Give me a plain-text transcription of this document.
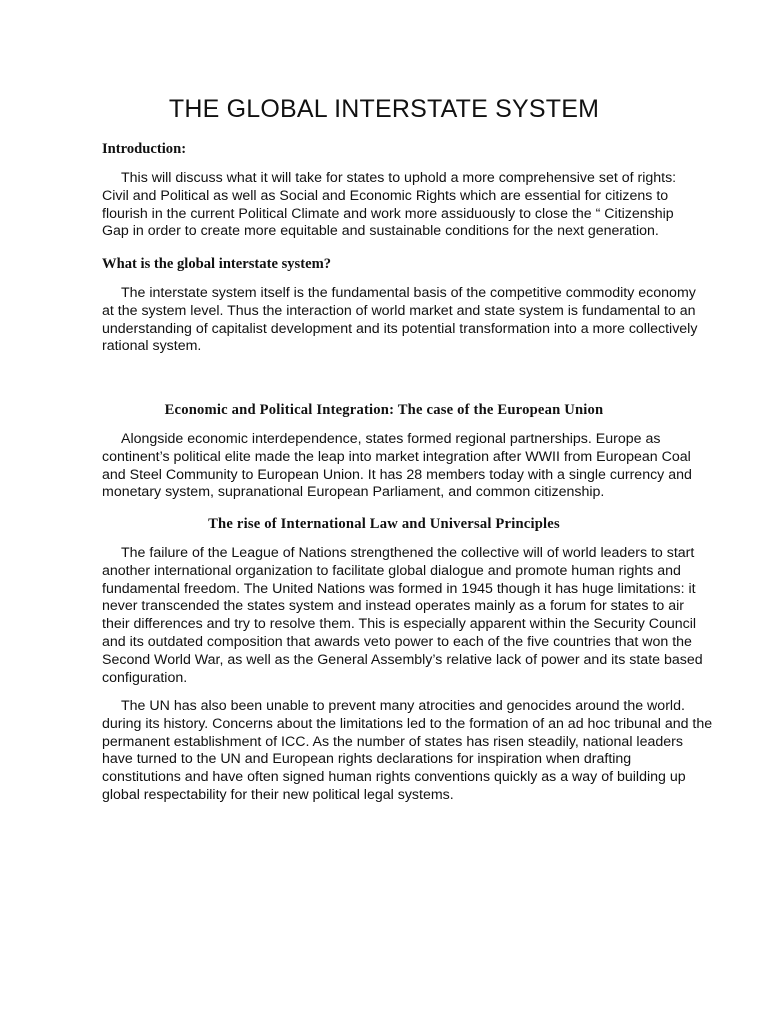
THE GLOBAL INTERSTATE SYSTEM
Introduction:

This will discuss what it will take for states to uphold a more comprehensive set of rights:
Civil and Political as well as Social and Economic Rights which are essential for citizens to
flourish in the current Political Climate and work more assiduously to close the “ Citizenship
Gap in order to create more equitable and sustainable conditions for the next generation.

What is the global interstate system?

The interstate system itself is the fundamental basis of the competitive commodity economy
at the system level. Thus the interaction of world market and state system is fundamental to an
understanding of capitalist development and its potential transformation into a more collectively
rational system.

Economic and Political Integration: The case of the European Union

Alongside economic interdependence, states formed regional partnerships. Europe as
continent’s political elite made the leap into market integration after WWII from European Coal
and Steel Community to European Union. It has 28 members today with a single currency and
monetary system, supranational European Parliament, and common citizenship.

The rise of International Law and Universal Principles

The failure of the League of Nations strengthened the collective will of world leaders to start
another international organization to facilitate global dialogue and promote human rights and
fundamental freedom. The United Nations was formed in 1945 though it has huge limitations: it
never transcended the states system and instead operates mainly as a forum for states to air
their differences and try to resolve them. This is especially apparent within the Security Council
and its outdated composition that awards veto power to each of the five countries that won the
Second World War, as well as the General Assembly’s relative lack of power and its state based
configuration.

The UN has also been unable to prevent many atrocities and genocides around the world.
during its history. Concerns about the limitations led to the formation of an ad hoc tribunal and the
permanent establishment of ICC. As the number of states has risen steadily, national leaders
have turned to the UN and European rights declarations for inspiration when drafting
constitutions and have often signed human rights conventions quickly as a way of building up
global respectability for their new political legal systems.
